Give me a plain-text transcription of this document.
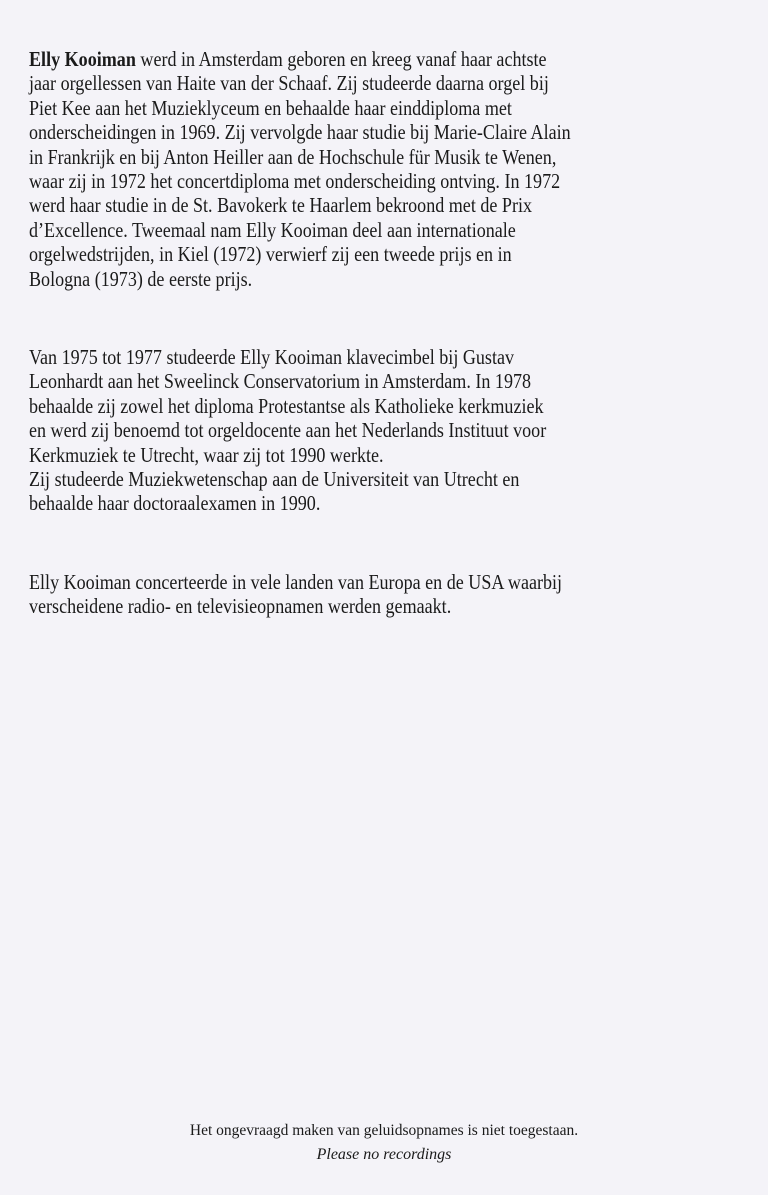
Elly Kooiman werd in Amsterdam geboren en kreeg vanaf haar achtste
jaar orgellessen van Haite van der Schaaf. Zij studeerde daarna orgel bij
Piet Kee aan het Muzieklyceum en behaalde haar einddiploma met
onderscheidingen in 1969. Zij vervolgde haar studie bij Marie-Claire Alain
in Frankrijk en bij Anton Heiller aan de Hochschule für Musik te Wenen,
waar zij in 1972 het concertdiploma met onderscheiding ontving. In 1972
werd haar studie in de St. Bavokerk te Haarlem bekroond met de Prix
d’Excellence. Tweemaal nam Elly Kooiman deel aan internationale
orgelwedstrijden, in Kiel (1972) verwierf zij een tweede prijs en in
Bologna (1973) de eerste prijs.
Van 1975 tot 1977 studeerde Elly Kooiman klavecimbel bij Gustav
Leonhardt aan het Sweelinck Conservatorium in Amsterdam. In 1978
behaalde zij zowel het diploma Protestantse als Katholieke kerkmuziek
en werd zij benoemd tot orgeldocente aan het Nederlands Instituut voor
Kerkmuziek te Utrecht, waar zij tot 1990 werkte.
Zij studeerde Muziekwetenschap aan de Universiteit van Utrecht en
behaalde haar doctoraalexamen in 1990.
Elly Kooiman concerteerde in vele landen van Europa en de USA waarbij
verscheidene radio- en televisieopnamen werden gemaakt.
Het ongevraagd maken van geluidsopnames is niet toegestaan.
Please no recordings
